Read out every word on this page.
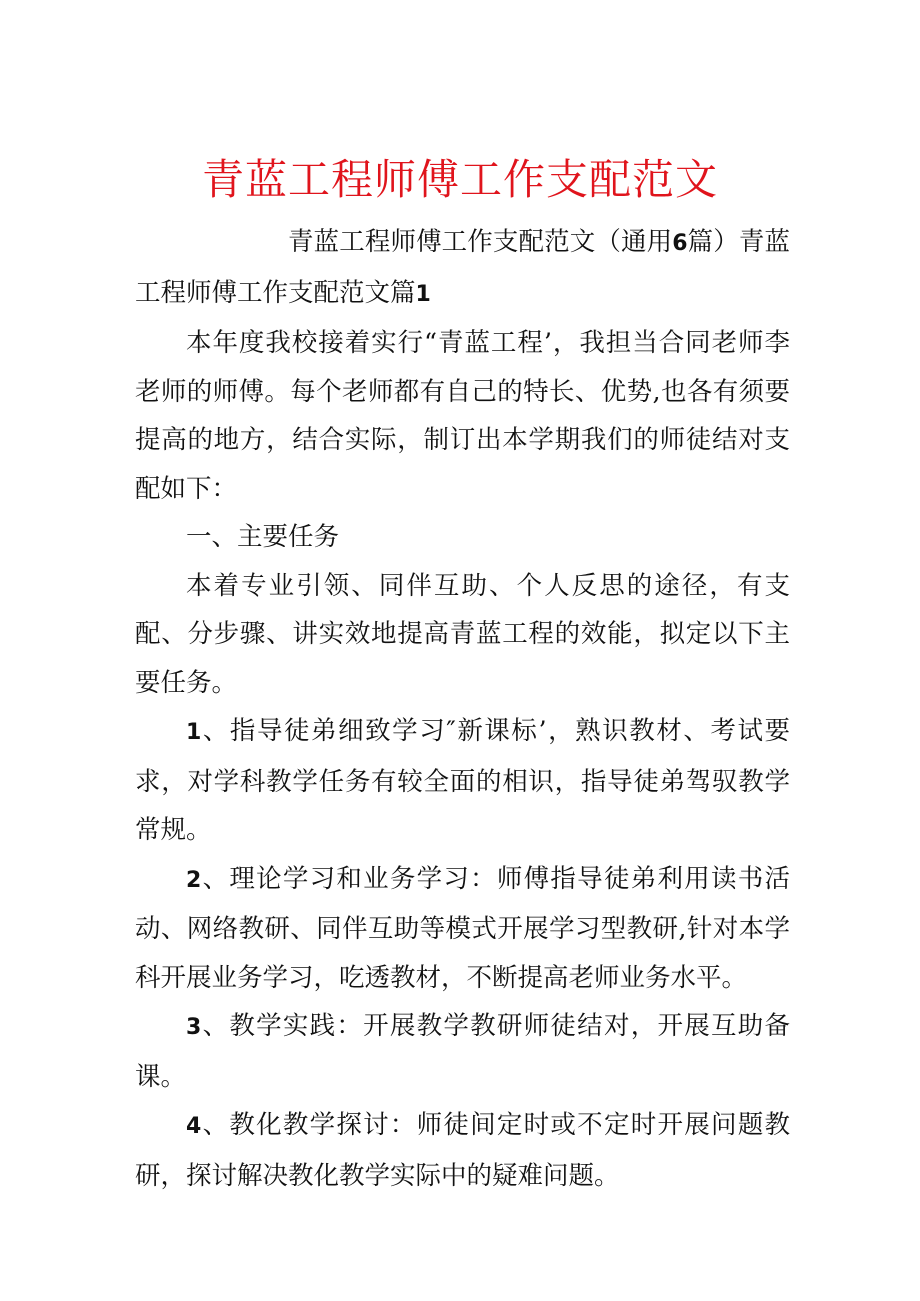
青蓝工程师傅工作支配范文

青蓝工程师傅工作支配范文（通用6篇）青蓝工程师傅工作支配范文篇1

本年度我校接着实行“青蓝工程’，我担当合同老师李老师的师傅。每个老师都有自己的特长、优势,也各有须要提高的地方，结合实际，制订出本学期我们的师徒结对支配如下：

一、主要任务

本着专业引领、同伴互助、个人反思的途径，有支配、分步骤、讲实效地提高青蓝工程的效能，拟定以下主要任务。

1、指导徒弟细致学习″新课标’，熟识教材、考试要求，对学科教学任务有较全面的相识，指导徒弟驾驭教学常规。

2、理论学习和业务学习：师傅指导徒弟利用读书活动、网络教研、同伴互助等模式开展学习型教研,针对本学科开展业务学习，吃透教材，不断提高老师业务水平。

3、教学实践：开展教学教研师徒结对，开展互助备课。

4、教化教学探讨：师徒间定时或不定时开展问题教研，探讨解决教化教学实际中的疑难问题。
